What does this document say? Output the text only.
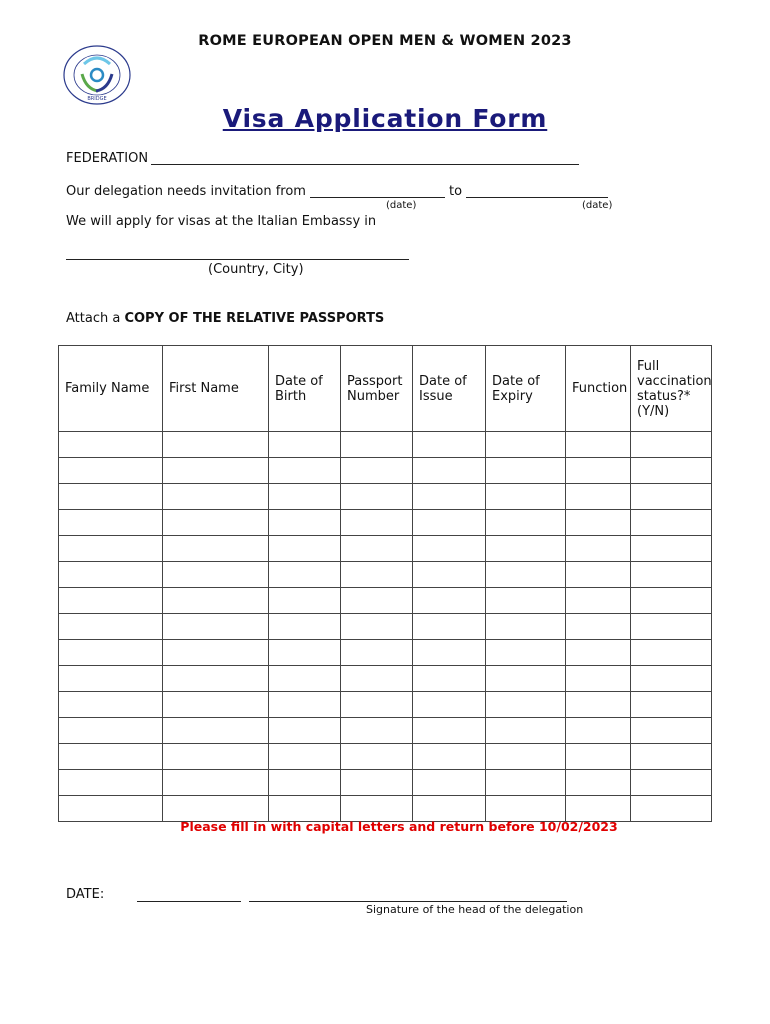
ROME EUROPEAN OPEN MEN & WOMEN 2023
BRIDGE
Visa Application Form
FEDERATION
Our delegation needs invitation from	to
(date)	(date)
We will apply for visas at the Italian Embassy in
(Country, City)
Attach a COPY OF THE RELATIVE PASSPORTS
Family Name	First Name	Date of Birth	Passport Number	Date of Issue	Date of Expiry	Function	Full vaccination status?* (Y/N)

Please fill in with capital letters and return before 10/02/2023
DATE:
Signature of the head of the delegation
